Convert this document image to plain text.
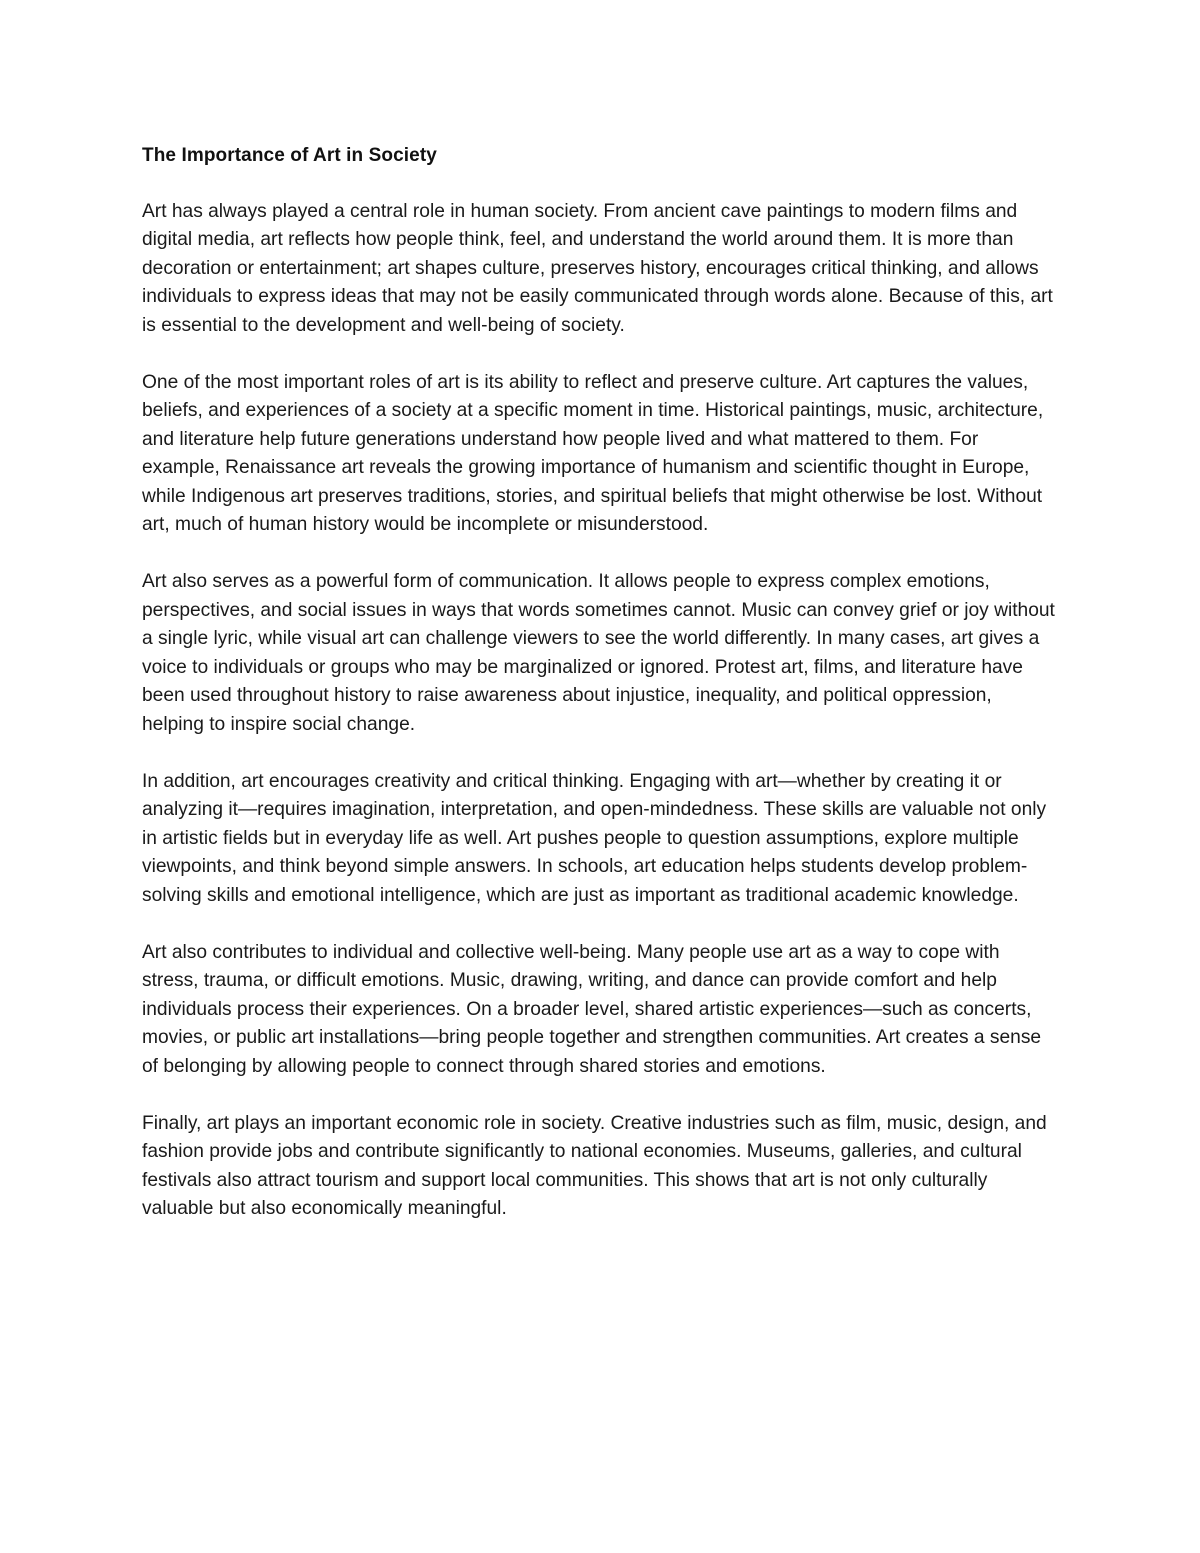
The Importance of Art in Society

Art has always played a central role in human society. From ancient cave paintings to modern films and digital media, art reflects how people think, feel, and understand the world around them. It is more than decoration or entertainment; art shapes culture, preserves history, encourages critical thinking, and allows individuals to express ideas that may not be easily communicated through words alone. Because of this, art is essential to the development and well-being of society.

One of the most important roles of art is its ability to reflect and preserve culture. Art captures the values, beliefs, and experiences of a society at a specific moment in time. Historical paintings, music, architecture, and literature help future generations understand how people lived and what mattered to them. For example, Renaissance art reveals the growing importance of humanism and scientific thought in Europe, while Indigenous art preserves traditions, stories, and spiritual beliefs that might otherwise be lost. Without art, much of human history would be incomplete or misunderstood.

Art also serves as a powerful form of communication. It allows people to express complex emotions, perspectives, and social issues in ways that words sometimes cannot. Music can convey grief or joy without a single lyric, while visual art can challenge viewers to see the world differently. In many cases, art gives a voice to individuals or groups who may be marginalized or ignored. Protest art, films, and literature have been used throughout history to raise awareness about injustice, inequality, and political oppression, helping to inspire social change.

In addition, art encourages creativity and critical thinking. Engaging with art—whether by creating it or analyzing it—requires imagination, interpretation, and open-mindedness. These skills are valuable not only in artistic fields but in everyday life as well. Art pushes people to question assumptions, explore multiple viewpoints, and think beyond simple answers. In schools, art education helps students develop problem-solving skills and emotional intelligence, which are just as important as traditional academic knowledge.

Art also contributes to individual and collective well-being. Many people use art as a way to cope with stress, trauma, or difficult emotions. Music, drawing, writing, and dance can provide comfort and help individuals process their experiences. On a broader level, shared artistic experiences—such as concerts, movies, or public art installations—bring people together and strengthen communities. Art creates a sense of belonging by allowing people to connect through shared stories and emotions.

Finally, art plays an important economic role in society. Creative industries such as film, music, design, and fashion provide jobs and contribute significantly to national economies. Museums, galleries, and cultural festivals also attract tourism and support local communities. This shows that art is not only culturally valuable but also economically meaningful.
